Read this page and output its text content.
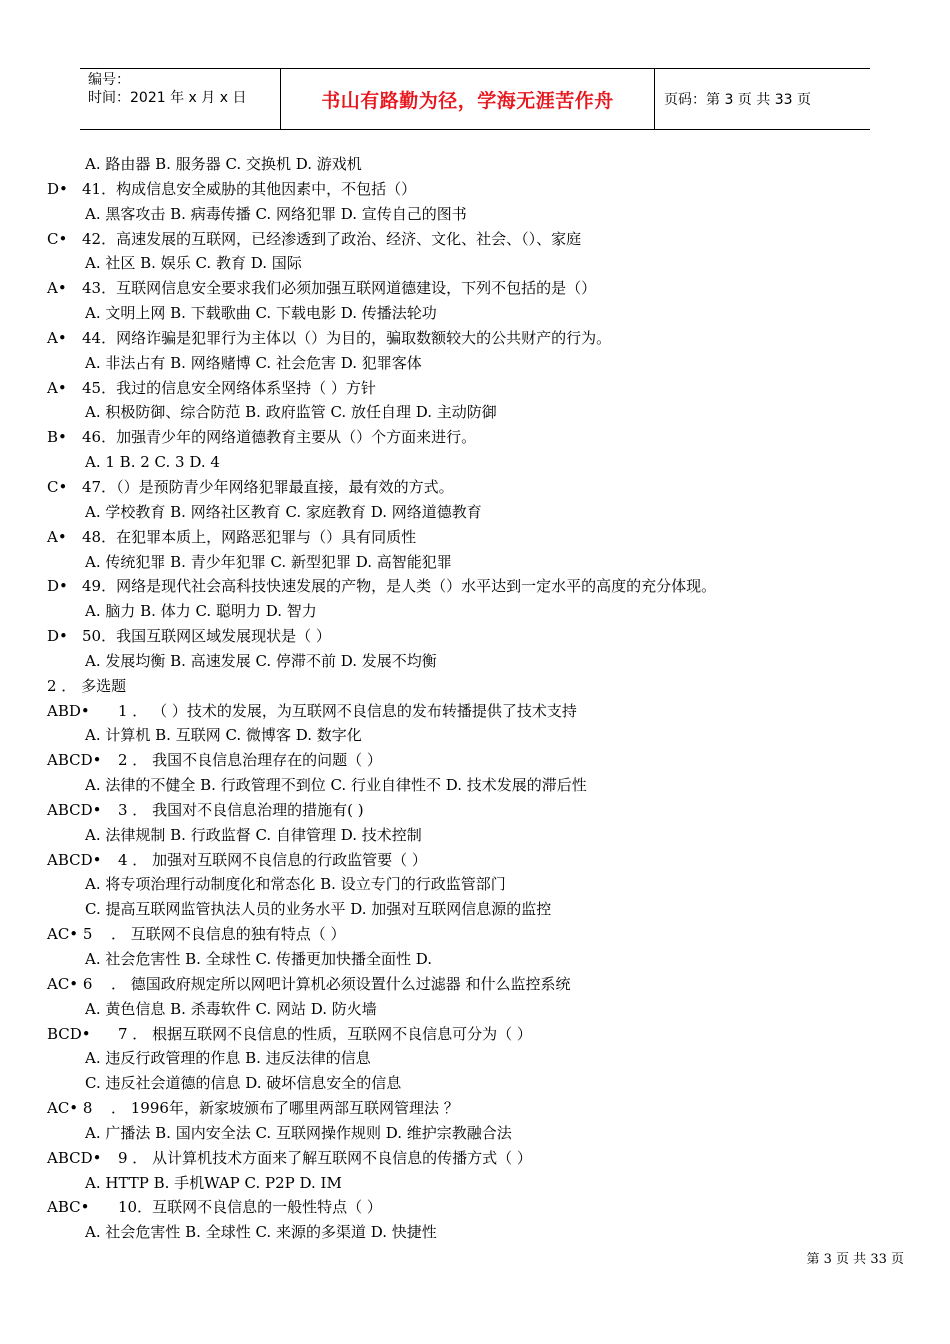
编号：
时间：2021 年 x 月 x 日	书山有路勤为径，学海无涯苦作舟	页码：第 3 页 共 33 页
A. 路由器 B. 服务器 C. 交换机 D. 游戏机
D• 41．构成信息安全威胁的其他因素中，不包括（）
A. 黑客攻击 B. 病毒传播 C. 网络犯罪 D. 宣传自己的图书
C• 42．高速发展的互联网，已经渗透到了政治、经济、文化、社会、（）、家庭
A. 社区 B. 娱乐 C. 教育 D. 国际
A• 43．互联网信息安全要求我们必须加强互联网道德建设，下列不包括的是（）
A. 文明上网 B. 下载歌曲 C. 下载电影 D. 传播法轮功
A• 44．网络诈骗是犯罪行为主体以（）为目的，骗取数额较大的公共财产的行为。
A. 非法占有 B. 网络赌博 C. 社会危害 D. 犯罪客体
A• 45．我过的信息安全网络体系坚持（ ）方针
A. 积极防御、综合防范 B. 政府监管 C. 放任自理 D. 主动防御
B• 46．加强青少年的网络道德教育主要从（）个方面来进行。
A. 1 B. 2 C. 3 D. 4
C• 47．（）是预防青少年网络犯罪最直接，最有效的方式。
A. 学校教育 B. 网络社区教育 C. 家庭教育 D. 网络道德教育
A• 48．在犯罪本质上，网路恶犯罪与（）具有同质性
A. 传统犯罪 B. 青少年犯罪 C. 新型犯罪 D. 高智能犯罪
D• 49．网络是现代社会高科技快速发展的产物，是人类（）水平达到一定水平的高度的充分体现。
A. 脑力 B. 体力 C. 聪明力 D. 智力
D• 50．我国互联网区域发展现状是（ ）
A. 发展均衡 B. 高速发展 C. 停滞不前 D. 发展不均衡
2 ． 多选题
ABD• 1 ． （ ）技术的发展，为互联网不良信息的发布转播提供了技术支持
A. 计算机 B. 互联网 C. 微博客 D. 数字化
ABCD• 2 ． 我国不良信息治理存在的问题（ ）
A. 法律的不健全 B. 行政管理不到位 C. 行业自律性不 D. 技术发展的滞后性
ABCD• 3 ． 我国对不良信息治理的措施有( )
A. 法律规制 B. 行政监督 C. 自律管理 D. 技术控制
ABCD• 4 ． 加强对互联网不良信息的行政监管要（ ）
A. 将专项治理行动制度化和常态化 B. 设立专门的行政监管部门
C. 提高互联网监管执法人员的业务水平 D. 加强对互联网信息源的监控
AC• 5 ． 互联网不良信息的独有特点（ ）
A. 社会危害性 B. 全球性 C. 传播更加快播全面性 D.
AC• 6 ． 德国政府规定所以网吧计算机必须设置什么过滤器 和什么监控系统
A. 黄色信息 B. 杀毒软件 C. 网站 D. 防火墙
BCD• 7 ． 根据互联网不良信息的性质，互联网不良信息可分为（ ）
A. 违反行政管理的作息 B. 违反法律的信息
C. 违反社会道德的信息 D. 破坏信息安全的信息
AC• 8 ． 1996年，新家坡颁布了哪里两部互联网管理法 ？
A. 广播法 B. 国内安全法 C. 互联网操作规则 D. 维护宗教融合法
ABCD• 9 ． 从计算机技术方面来了解互联网不良信息的传播方式（ ）
A. HTTP B. 手机WAP C. P2P D. IM
ABC• 10．互联网不良信息的一般性特点（ ）
A. 社会危害性 B. 全球性 C. 来源的多渠道 D. 快捷性
第 3 页 共 33 页
